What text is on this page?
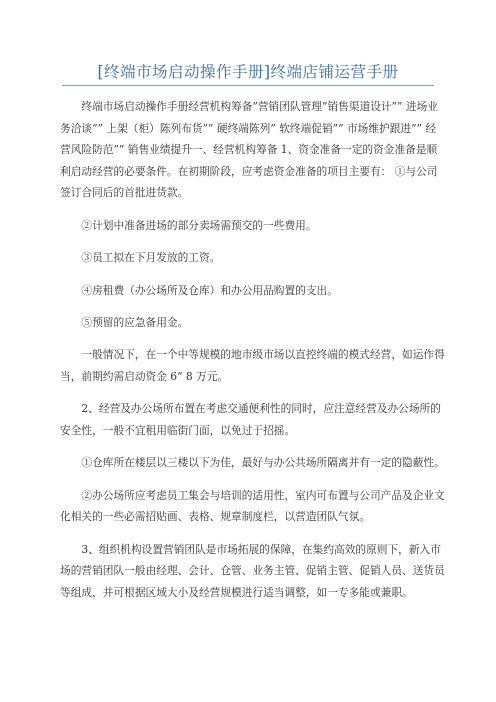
[终端市场启动操作手册]终端店铺运营手册

终端市场启动操作手册经营机构筹备”营销团队管理”销售渠道设计”” 进场业务洽谈”” 上架（柜）陈列布货”” 硬终端陈列” 软终端促销”” 市场维护跟进”” 经营风险防范”” 销售业绩提升一、经营机构筹备 1、资金准备一定的资金准备是顺利启动经营的必要条件。在初期阶段，应考虑资金准备的项目主要有： ①与公司签订合同后的首批进货款。

②计划中准备进场的部分卖场需预交的一些费用。

③员工拟在下月发放的工资。

④房租费（办公场所及仓库）和办公用品购置的支出。

⑤预留的应急备用金。

一般情况下，在一个中等规模的地市级市场以直控终端的模式经营，如运作得当，前期约需启动资金 6” 8 万元。

2、经营及办公场所布置在考虑交通便利性的同时，应注意经营及办公场所的安全性，一般不宜租用临街门面，以免过于招摇。

①仓库所在楼层以三楼以下为佳，最好与办公共场所隔离并有一定的隐蔽性。

②办公场所应考虑员工集会与培训的适用性，室内可布置与公司产品及企业文化相关的一些必需招贴画、表格、规章制度栏，以营造团队气氛。

3、组织机构设置营销团队是市场拓展的保障，在集约高效的原则下，新入市场的营销团队一般由经理、会计、仓管、业务主管、促销主管、促销人员、送货员等组成，并可根据区域大小及经营规模进行适当调整，如一专多能或兼职。
